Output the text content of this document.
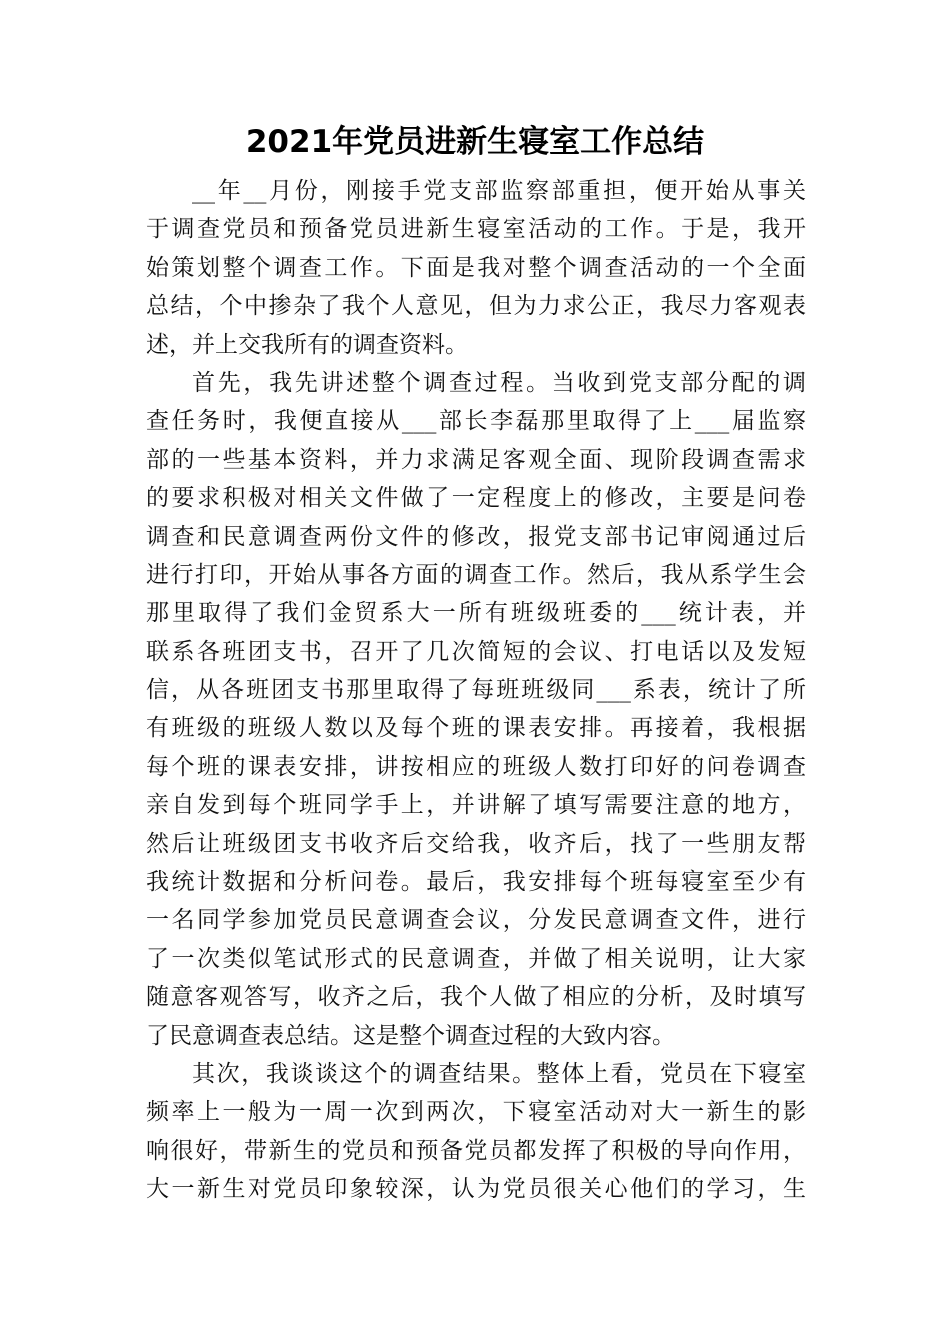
2021年党员进新生寝室工作总结
__年__月份，刚接手党支部监察部重担，便开始从事关
于调查党员和预备党员进新生寝室活动的工作。于是，我开
始策划整个调查工作。下面是我对整个调查活动的一个全面
总结，个中掺杂了我个人意见，但为力求公正，我尽力客观表
述，并上交我所有的调查资料。
首先，我先讲述整个调查过程。当收到党支部分配的调
查任务时，我便直接从___部长李磊那里取得了上___届监察
部的一些基本资料，并力求满足客观全面、现阶段调查需求
的要求积极对相关文件做了一定程度上的修改，主要是问卷
调查和民意调查两份文件的修改，报党支部书记审阅通过后
进行打印，开始从事各方面的调查工作。然后，我从系学生会
那里取得了我们金贸系大一所有班级班委的___统计表，并
联系各班团支书，召开了几次简短的会议、打电话以及发短
信，从各班团支书那里取得了每班班级同___系表，统计了所
有班级的班级人数以及每个班的课表安排。再接着，我根据
每个班的课表安排，讲按相应的班级人数打印好的问卷调查
亲自发到每个班同学手上，并讲解了填写需要注意的地方，
然后让班级团支书收齐后交给我，收齐后，找了一些朋友帮
我统计数据和分析问卷。最后，我安排每个班每寝室至少有
一名同学参加党员民意调查会议，分发民意调查文件，进行
了一次类似笔试形式的民意调查，并做了相关说明，让大家
随意客观答写，收齐之后，我个人做了相应的分析，及时填写
了民意调查表总结。这是整个调查过程的大致内容。
其次，我谈谈这个的调查结果。整体上看，党员在下寝室
频率上一般为一周一次到两次，下寝室活动对大一新生的影
响很好，带新生的党员和预备党员都发挥了积极的导向作用，
大一新生对党员印象较深，认为党员很关心他们的学习，生
